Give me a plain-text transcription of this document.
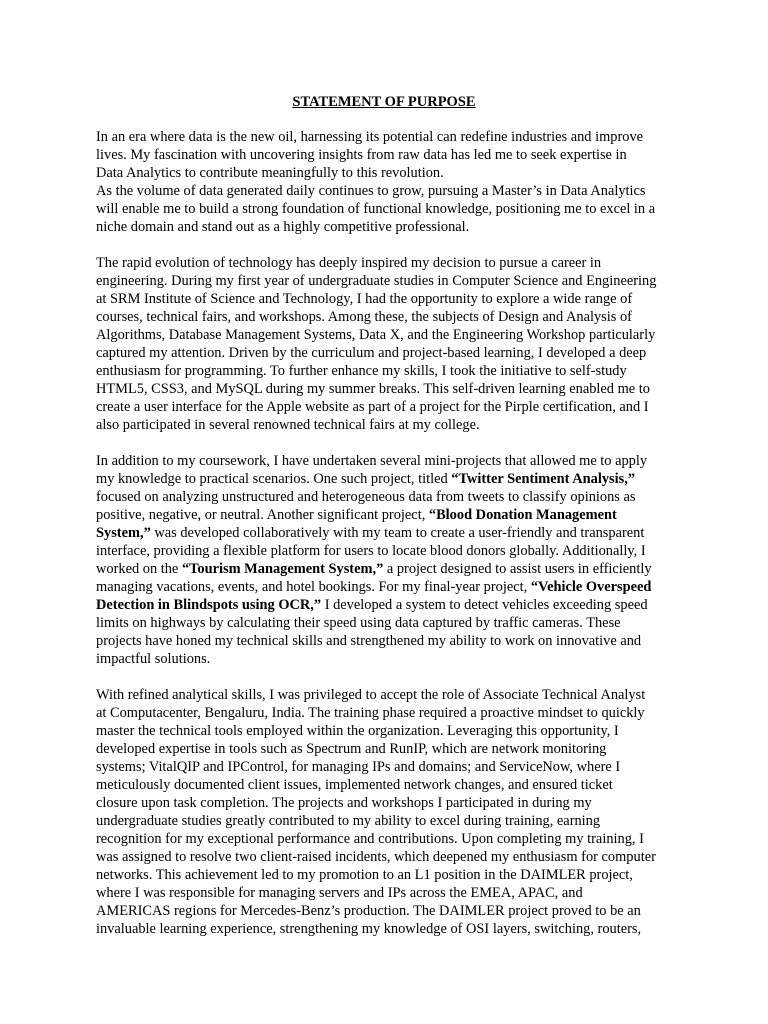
STATEMENT OF PURPOSE
In an era where data is the new oil, harnessing its potential can redefine industries and improve
lives. My fascination with uncovering insights from raw data has led me to seek expertise in
Data Analytics to contribute meaningfully to this revolution.
As the volume of data generated daily continues to grow, pursuing a Master’s in Data Analytics
will enable me to build a strong foundation of functional knowledge, positioning me to excel in a
niche domain and stand out as a highly competitive professional.
The rapid evolution of technology has deeply inspired my decision to pursue a career in
engineering. During my first year of undergraduate studies in Computer Science and Engineering
at SRM Institute of Science and Technology, I had the opportunity to explore a wide range of
courses, technical fairs, and workshops. Among these, the subjects of Design and Analysis of
Algorithms, Database Management Systems, Data X, and the Engineering Workshop particularly
captured my attention. Driven by the curriculum and project-based learning, I developed a deep
enthusiasm for programming. To further enhance my skills, I took the initiative to self-study
HTML5, CSS3, and MySQL during my summer breaks. This self-driven learning enabled me to
create a user interface for the Apple website as part of a project for the Pirple certification, and I
also participated in several renowned technical fairs at my college.
In addition to my coursework, I have undertaken several mini-projects that allowed me to apply
my knowledge to practical scenarios. One such project, titled “Twitter Sentiment Analysis,”
focused on analyzing unstructured and heterogeneous data from tweets to classify opinions as
positive, negative, or neutral. Another significant project, “Blood Donation Management
System,” was developed collaboratively with my team to create a user-friendly and transparent
interface, providing a flexible platform for users to locate blood donors globally. Additionally, I
worked on the “Tourism Management System,” a project designed to assist users in efficiently
managing vacations, events, and hotel bookings. For my final-year project, “Vehicle Overspeed
Detection in Blindspots using OCR,” I developed a system to detect vehicles exceeding speed
limits on highways by calculating their speed using data captured by traffic cameras. These
projects have honed my technical skills and strengthened my ability to work on innovative and
impactful solutions.
With refined analytical skills, I was privileged to accept the role of Associate Technical Analyst
at Computacenter, Bengaluru, India. The training phase required a proactive mindset to quickly
master the technical tools employed within the organization. Leveraging this opportunity, I
developed expertise in tools such as Spectrum and RunIP, which are network monitoring
systems; VitalQIP and IPControl, for managing IPs and domains; and ServiceNow, where I
meticulously documented client issues, implemented network changes, and ensured ticket
closure upon task completion. The projects and workshops I participated in during my
undergraduate studies greatly contributed to my ability to excel during training, earning
recognition for my exceptional performance and contributions. Upon completing my training, I
was assigned to resolve two client-raised incidents, which deepened my enthusiasm for computer
networks. This achievement led to my promotion to an L1 position in the DAIMLER project,
where I was responsible for managing servers and IPs across the EMEA, APAC, and
AMERICAS regions for Mercedes-Benz’s production. The DAIMLER project proved to be an
invaluable learning experience, strengthening my knowledge of OSI layers, switching, routers,
